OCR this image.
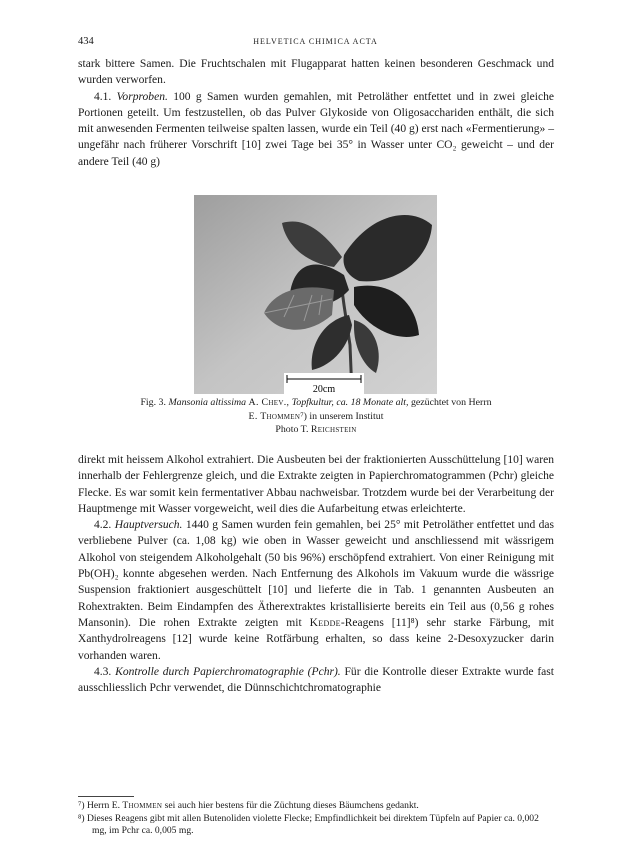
434	HELVETICA CHIMICA ACTA

stark bittere Samen. Die Fruchtschalen mit Flugapparat hatten keinen besonderen Geschmack und wurden verworfen.

4.1. Vorproben. 100 g Samen wurden gemahlen, mit Petroläther entfettet und in zwei gleiche Portionen geteilt. Um festzustellen, ob das Pulver Glykoside von Oligosacchariden enthält, die sich mit anwesenden Fermenten teilweise spalten lassen, wurde ein Teil (40 g) erst nach «Fermentierung» – ungefähr nach früherer Vorschrift [10] zwei Tage bei 35° in Wasser unter CO₂ geweicht – und der andere Teil (40 g)

20cm

Fig. 3. Mansonia altissima A. Chev., Topfkultur, ca. 18 Monate alt, gezüchtet von Herrn
E. Thommen⁷) in unserem Institut

Photo T. Reichstein

direkt mit heissem Alkohol extrahiert. Die Ausbeuten bei der fraktionierten Ausschüttelung [10] waren innerhalb der Fehlergrenze gleich, und die Extrakte zeigten in Papierchromatogrammen (Pchr) gleiche Flecke. Es war somit kein fermentativer Abbau nachweisbar. Trotzdem wurde bei der Verarbeitung der Hauptmenge mit Wasser vorgeweicht, weil dies die Aufarbeitung etwas erleichterte.

4.2. Hauptversuch. 1440 g Samen wurden fein gemahlen, bei 25° mit Petroläther entfettet und das verbliebene Pulver (ca. 1,08 kg) wie oben in Wasser geweicht und anschliessend mit wässrigem Alkohol von steigendem Alkoholgehalt (50 bis 96%) erschöpfend extrahiert. Von einer Reinigung mit Pb(OH)₂ konnte abgesehen werden. Nach Entfernung des Alkohols im Vakuum wurde die wässrige Suspension fraktioniert ausgeschüttelt [10] und lieferte die in Tab. 1 genannten Ausbeuten an Rohextrakten. Beim Eindampfen des Ätherextraktes kristallisierte bereits ein Teil aus (0,56 g rohes Mansonin). Die rohen Extrakte zeigten mit Kedde-Reagens [11]⁸) sehr starke Färbung, mit Xanthydrolreagens [12] wurde keine Rotfärbung erhalten, so dass keine 2-Desoxyzucker darin vorhanden waren.

4.3. Kontrolle durch Papierchromatographie (Pchr). Für die Kontrolle dieser Extrakte wurde fast ausschliesslich Pchr verwendet, die Dünnschichtchromatographie

⁷) Herrn E. Thommen sei auch hier bestens für die Züchtung dieses Bäumchens gedankt.

⁸) Dieses Reagens gibt mit allen Butenoliden violette Flecke; Empfindlichkeit bei direktem Tüpfeln auf Papier ca. 0,002 mg, im Pchr ca. 0,005 mg.
